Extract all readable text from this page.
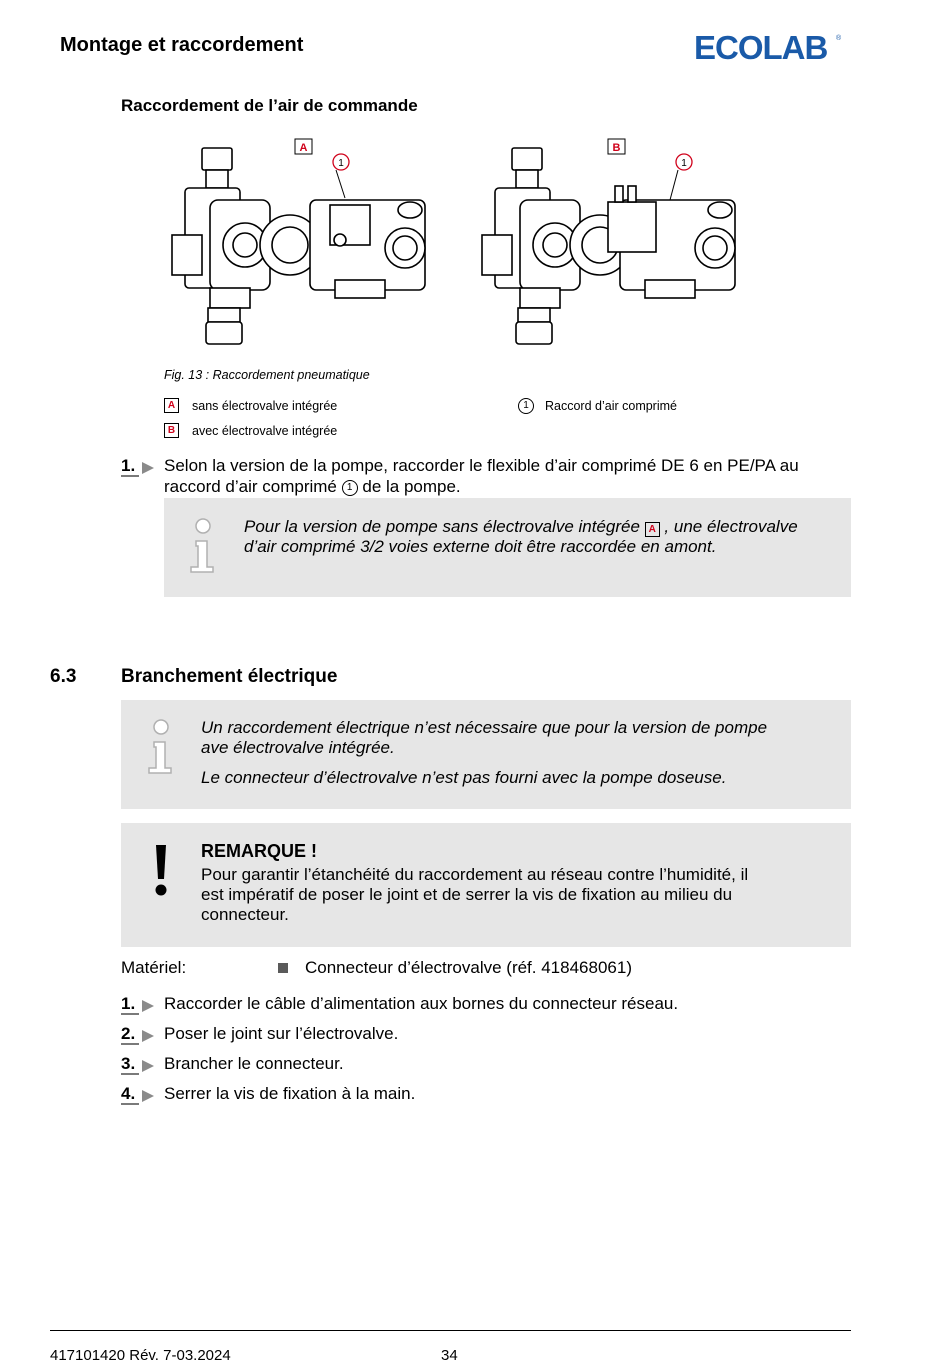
Montage et raccordement	ECOLAB ®
Raccordement de l’air de commande
A
1
B
1
Fig. 13 : Raccordement pneumatique
A	sans électrovalve intégrée
B	avec électrovalve intégrée
1	Raccord d’air comprimé
1. Selon la version de la pompe, raccorder le flexible d’air comprimé DE 6 en PE/PA au
raccord d’air comprimé 1 de la pompe.
Pour la version de pompe sans électrovalve intégrée A , une électrovalve
d’air comprimé 3/2 voies externe doit être raccordée en amont.
6.3 Branchement électrique
Un raccordement électrique n’est nécessaire que pour la version de pompe
ave électrovalve intégrée.
Le connecteur d’électrovalve n’est pas fourni avec la pompe doseuse.
REMARQUE !
Pour garantir l’étanchéité du raccordement au réseau contre l’humidité, il
est impératif de poser le joint et de serrer la vis de fixation au milieu du
connecteur.
Matériel:	Connecteur d’électrovalve (réf. 418468061)
1. Raccorder le câble d’alimentation aux bornes du connecteur réseau.
2. Poser le joint sur l’électrovalve.
3. Brancher le connecteur.
4. Serrer la vis de fixation à la main.
417101420 Rév. 7-03.2024	34
